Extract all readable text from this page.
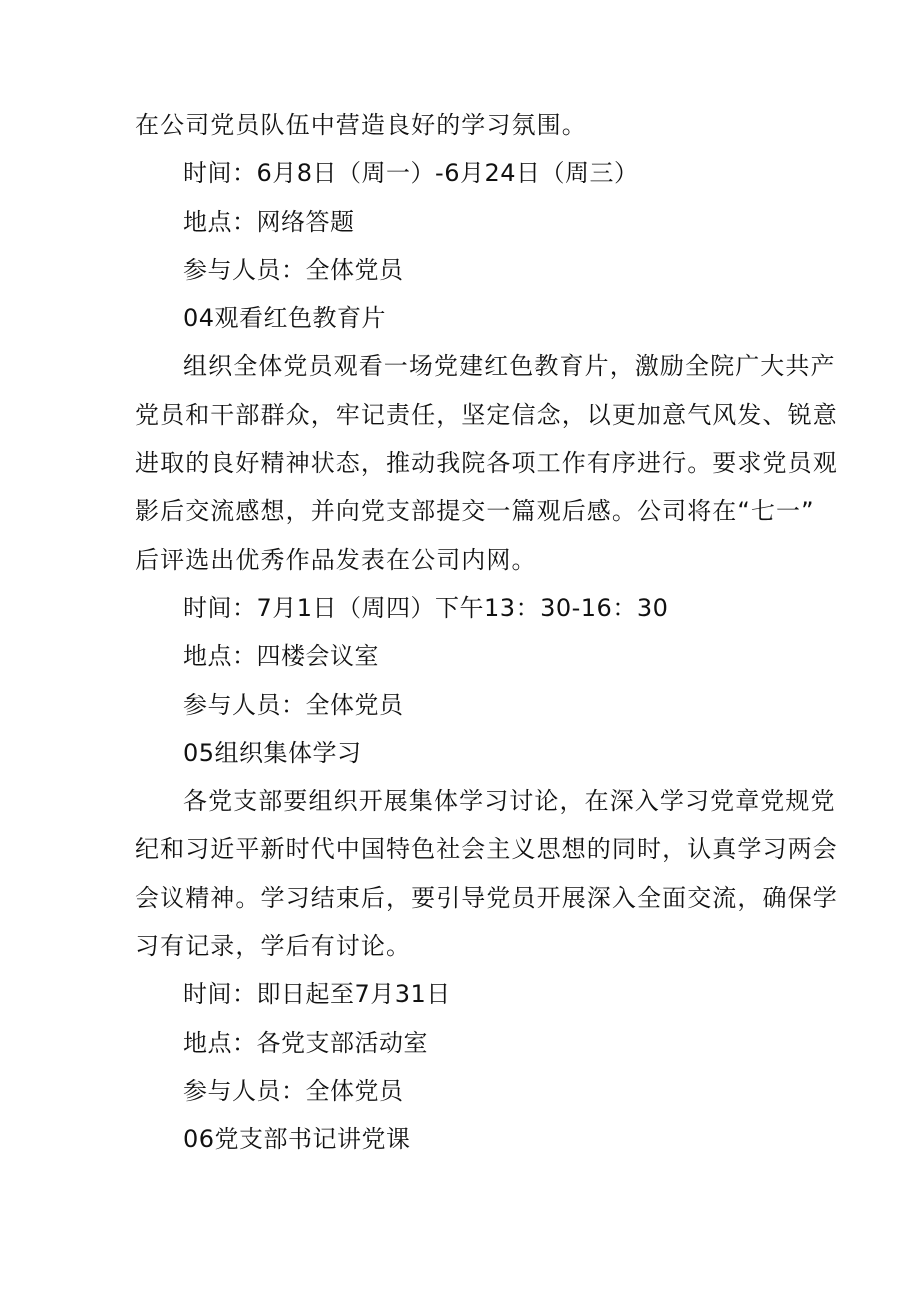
在公司党员队伍中营造良好的学习氛围。
时间：6月8日（周一）-6月24日（周三）
地点：网络答题
参与人员：全体党员
04观看红色教育片
组织全体党员观看一场党建红色教育片，激励全院广大共产
党员和干部群众，牢记责任，坚定信念，以更加意气风发、锐意
进取的良好精神状态，推动我院各项工作有序进行。要求党员观
影后交流感想，并向党支部提交一篇观后感。公司将在“七一”
后评选出优秀作品发表在公司内网。
时间：7月1日（周四）下午13：30-16：30
地点：四楼会议室
参与人员：全体党员
05组织集体学习
各党支部要组织开展集体学习讨论，在深入学习党章党规党
纪和习近平新时代中国特色社会主义思想的同时，认真学习两会
会议精神。学习结束后，要引导党员开展深入全面交流，确保学
习有记录，学后有讨论。
时间：即日起至7月31日
地点：各党支部活动室
参与人员：全体党员
06党支部书记讲党课
